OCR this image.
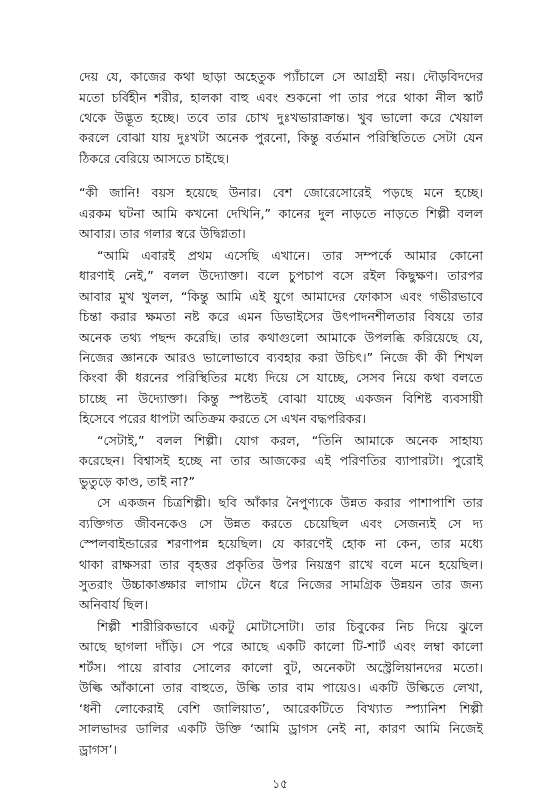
দেয় যে, কাজের কথা ছাড়া অহেতুক প্যাঁচালে সে আগ্রহী নয়। দৌড়বিদদের
মতো চর্বিহীন শরীর, হালকা বাহু এবং শুকনো পা তার পরে থাকা নীল স্কার্ট
থেকে উদ্ভূত হচ্ছে। তবে তার চোখ দুঃখভারাক্রান্ত। খুব ভালো করে খেয়াল
করলে বোঝা যায় দুঃখটা অনেক পুরনো, কিন্তু বর্তমান পরিস্থিতিতে সেটা যেন
ঠিকরে বেরিয়ে আসতে চাইছে।
“কী জানি! বয়স হয়েছে উনার। বেশ জোরেসোরেই পড়ছে মনে হচ্ছে।
এরকম ঘটনা আমি কখনো দেখিনি,” কানের দুল নাড়তে নাড়তে শিল্পী বলল
আবার। তার গলার স্বরে উদ্বিগ্নতা।
“আমি এবারই প্রথম এসেছি এখানে। তার সম্পর্কে আমার কোনো
ধারণাই নেই,” বলল উদ্যোক্তা। বলে চুপচাপ বসে রইল কিছুক্ষণ। তারপর
আবার মুখ খুলল, “কিন্তু আমি এই যুগে আমাদের ফোকাস এবং গভীরভাবে
চিন্তা করার ক্ষমতা নষ্ট করে এমন ডিভাইসের উৎপাদনশীলতার বিষয়ে তার
অনেক তথ্য পছন্দ করেছি। তার কথাগুলো আমাকে উপলব্ধি করিয়েছে যে,
নিজের জ্ঞানকে আরও ভালোভাবে ব্যবহার করা উচিৎ।” নিজে কী কী শিখল
কিংবা কী ধরনের পরিস্থিতির মধ্যে দিয়ে সে যাচ্ছে, সেসব নিয়ে কথা বলতে
চাচ্ছে না উদ্যোক্তা। কিন্তু স্পষ্টতই বোঝা যাচ্ছে একজন বিশিষ্ট ব্যবসায়ী
হিসেবে পরের ধাপটা অতিক্রম করতে সে এখন বদ্ধপরিকর।
“সেটাই,” বলল শিল্পী। যোগ করল, “তিনি আমাকে অনেক সাহায্য
করেছেন। বিশ্বাসই হচ্ছে না তার আজকের এই পরিণতির ব্যাপারটা। পুরোই
ভুতুড়ে কাণ্ড, তাই না?”
সে একজন চিত্রশিল্পী। ছবি আঁকার নৈপুণ্যকে উন্নত করার পাশাপাশি তার
ব্যক্তিগত জীবনকেও সে উন্নত করতে চেয়েছিল এবং সেজন্যই সে দ্য
স্পেলবাইন্ডারের শরণাপন্ন হয়েছিল। যে কারণেই হোক না কেন, তার মধ্যে
থাকা রাক্ষসরা তার বৃহত্তর প্রকৃতির উপর নিয়ন্ত্রণ রাখে বলে মনে হয়েছিল।
সুতরাং উচ্চাকাঙ্ক্ষার লাগাম টেনে ধরে নিজের সামগ্রিক উন্নয়ন তার জন্য
অনিবার্য ছিল।
শিল্পী শারীরিকভাবে একটু মোটাসোটা। তার চিবুকের নিচ দিয়ে ঝুলে
আছে ছাগলা দাঁড়ি। সে পরে আছে একটি কালো টি-শার্ট এবং লম্বা কালো
শর্টস। পায়ে রাবার সোলের কালো বুট, অনেকটা অস্ট্রেলিয়ানদের মতো।
উল্কি আঁকানো তার বাহুতে, উল্কি তার বাম পায়েও। একটি উল্কিতে লেখা,
‘ধনী লোকেরাই বেশি জালিয়াত’, আরেকটিতে বিখ্যাত স্প্যানিশ শিল্পী
সালভাদর ডালির একটি উক্তি ‘আমি ড্রাগস নেই না, কারণ আমি নিজেই
ড্রাগস’।
১৫
